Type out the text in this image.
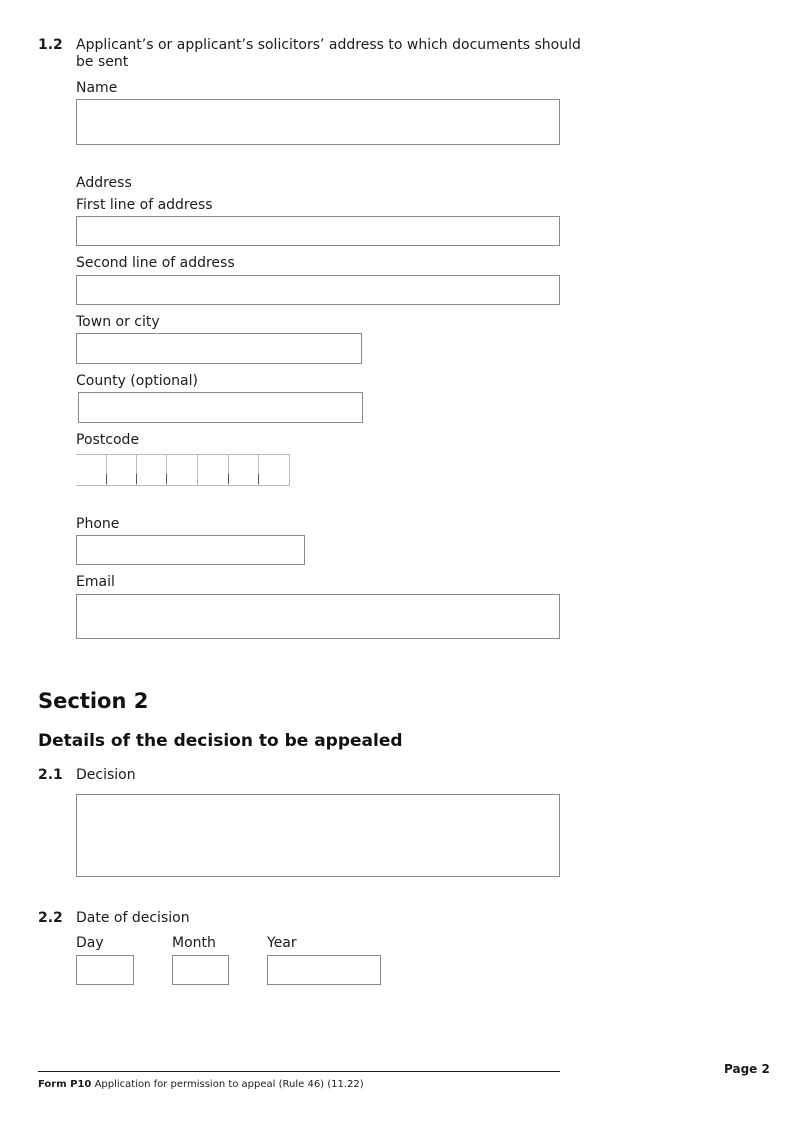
1.2 Applicant’s or applicant’s solicitors’ address to which documents should
be sent
Name
Address
First line of address
Second line of address
Town or city
County (optional)
Postcode
Phone
Email
Section 2
Details of the decision to be appealed
2.1 Decision
2.2 Date of decision
Day	Month	Year
Form P10 Application for permission to appeal (Rule 46) (11.22)
Page 2
